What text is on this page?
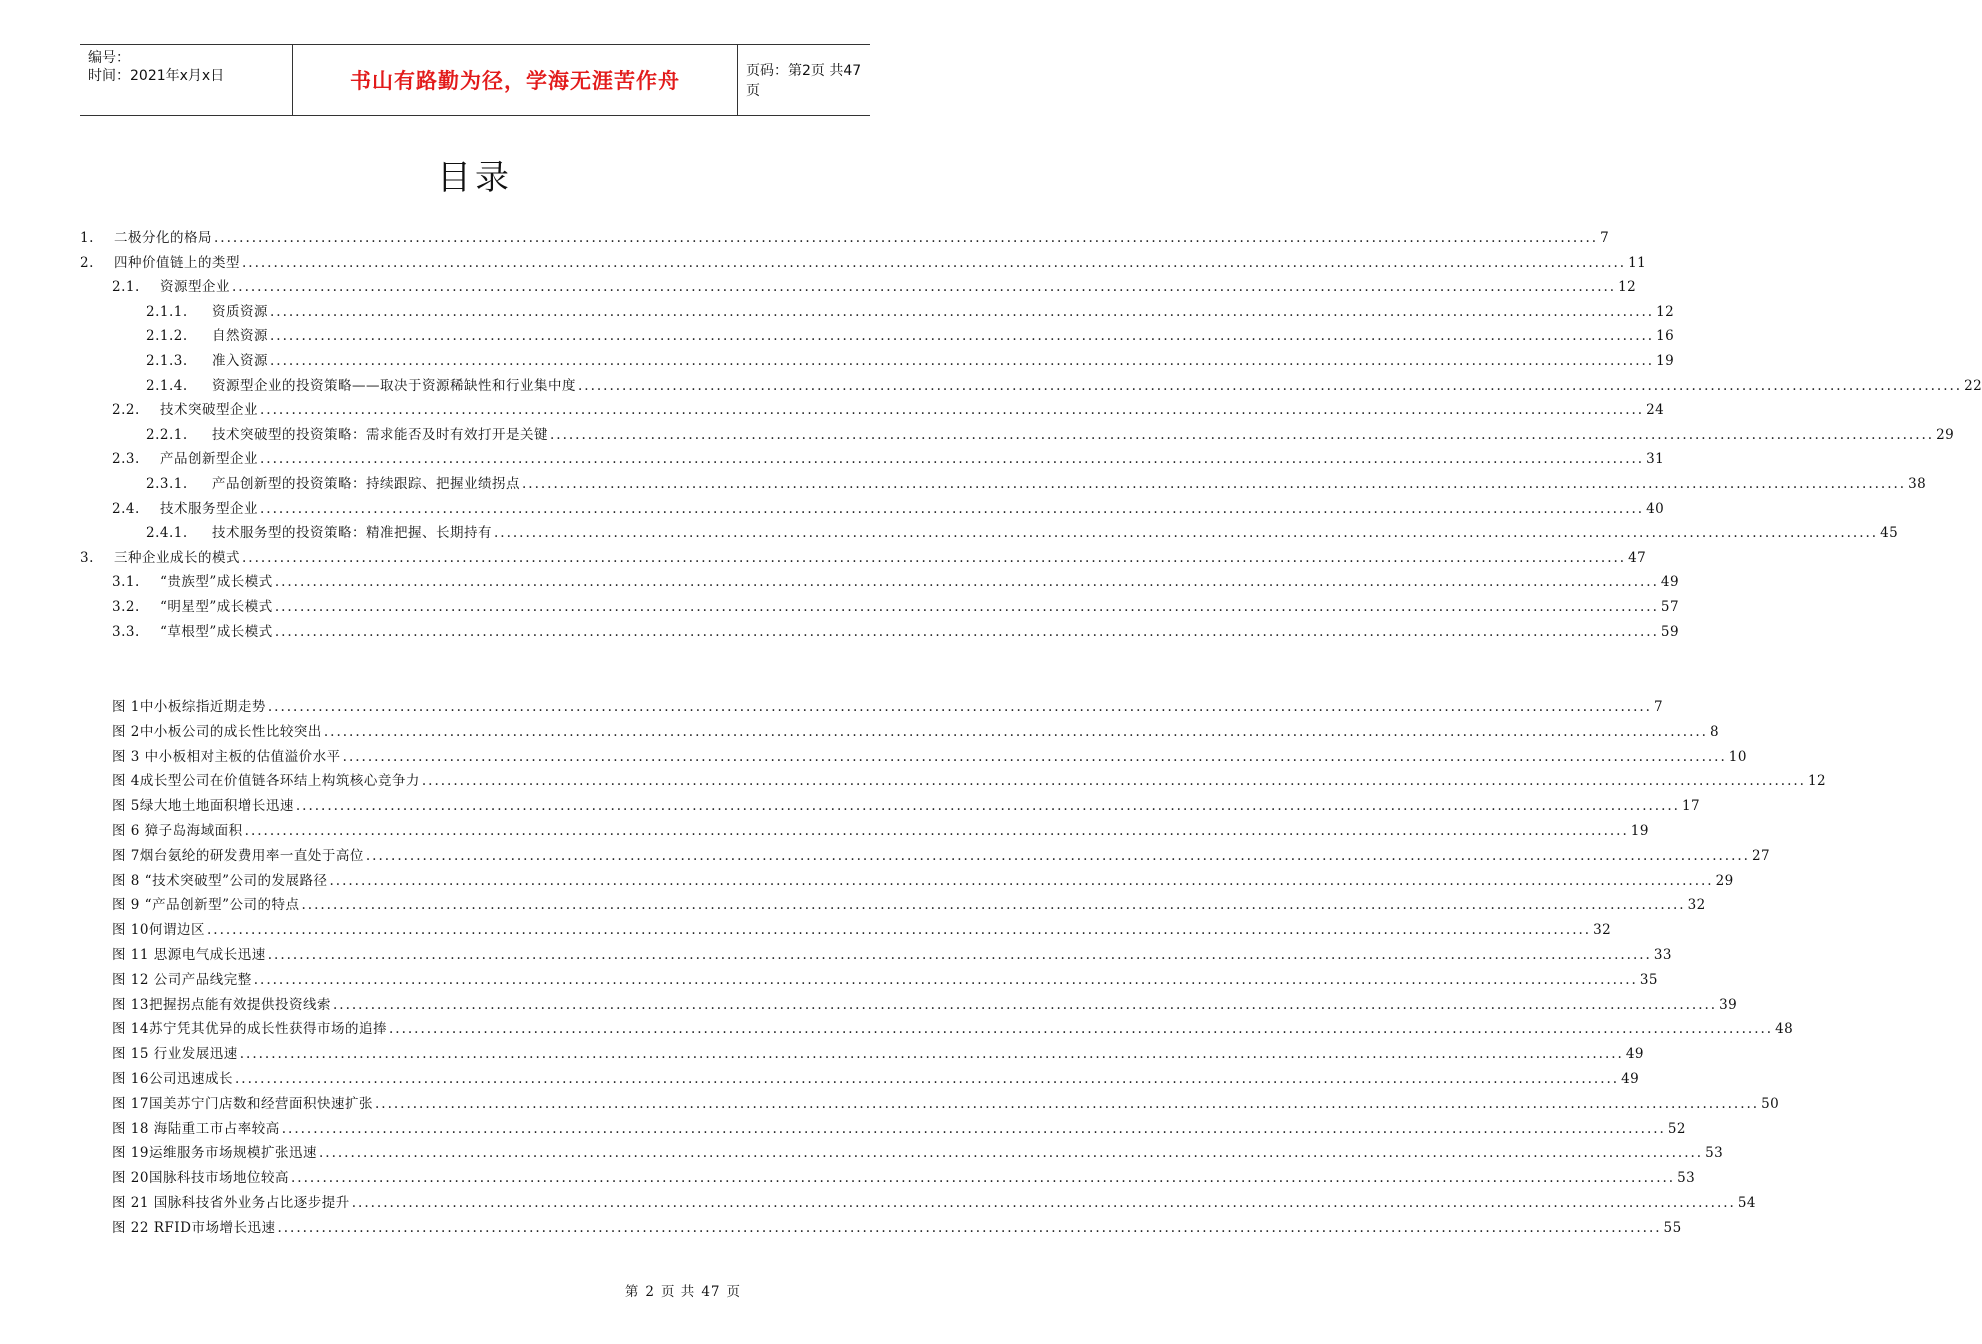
编号：
时间：2021年x月x日	书山有路勤为径，学海无涯苦作舟	页码：第2页 共47页
目录
1.	二极分化的格局 ............................................................................................................................................................................................................................ 7
2.	四种价值链上的类型 ............................................................................................................................................................................................................................ 11
2.1.	资源型企业 ............................................................................................................................................................................................................................ 12
2.1.1.	资质资源 ............................................................................................................................................................................................................................ 12
2.1.2.	自然资源 ............................................................................................................................................................................................................................ 16
2.1.3.	准入资源 ............................................................................................................................................................................................................................ 19
2.1.4.	资源型企业的投资策略——取决于资源稀缺性和行业集中度 ............................................................................................................................................................................................................................ 22
2.2.	技术突破型企业 ............................................................................................................................................................................................................................ 24
2.2.1.	技术突破型的投资策略：需求能否及时有效打开是关键 ............................................................................................................................................................................................................................ 29
2.3.	产品创新型企业 ............................................................................................................................................................................................................................ 31
2.3.1.	产品创新型的投资策略：持续跟踪、把握业绩拐点 ............................................................................................................................................................................................................................ 38
2.4.	技术服务型企业 ............................................................................................................................................................................................................................ 40
2.4.1.	技术服务型的投资策略：精准把握、长期持有 ............................................................................................................................................................................................................................ 45
3.	三种企业成长的模式 ............................................................................................................................................................................................................................ 47
3.1.	“贵族型”成长模式 ............................................................................................................................................................................................................................ 49
3.2.	“明星型”成长模式 ............................................................................................................................................................................................................................ 57
3.3.	“草根型”成长模式 ............................................................................................................................................................................................................................ 59
图 1中小板综指近期走势 ............................................................................................................................................................................................................................ 7
图 2中小板公司的成长性比较突出 ............................................................................................................................................................................................................................ 8
图 3 中小板相对主板的估值溢价水平 ............................................................................................................................................................................................................................ 10
图 4成长型公司在价值链各环结上构筑核心竞争力 ............................................................................................................................................................................................................................ 12
图 5绿大地土地面积增长迅速 ............................................................................................................................................................................................................................ 17
图 6 獐子岛海域面积 ............................................................................................................................................................................................................................ 19
图 7烟台氨纶的研发费用率一直处于高位 ............................................................................................................................................................................................................................ 27
图 8 “技术突破型”公司的发展路径 ............................................................................................................................................................................................................................ 29
图 9 “产品创新型”公司的特点 ............................................................................................................................................................................................................................ 32
图 10何谓边区 ............................................................................................................................................................................................................................ 32
图 11 思源电气成长迅速 ............................................................................................................................................................................................................................ 33
图 12 公司产品线完整 ............................................................................................................................................................................................................................ 35
图 13把握拐点能有效提供投资线索 ............................................................................................................................................................................................................................ 39
图 14苏宁凭其优异的成长性获得市场的追捧 ............................................................................................................................................................................................................................ 48
图 15 行业发展迅速 ............................................................................................................................................................................................................................ 49
图 16公司迅速成长 ............................................................................................................................................................................................................................ 49
图 17国美苏宁门店数和经营面积快速扩张 ............................................................................................................................................................................................................................ 50
图 18 海陆重工市占率较高 ............................................................................................................................................................................................................................ 52
图 19运维服务市场规模扩张迅速 ............................................................................................................................................................................................................................ 53
图 20国脉科技市场地位较高 ............................................................................................................................................................................................................................ 53
图 21 国脉科技省外业务占比逐步提升 ............................................................................................................................................................................................................................ 54
图 22 RFID市场增长迅速 ............................................................................................................................................................................................................................ 55
第 2 页 共 47 页
